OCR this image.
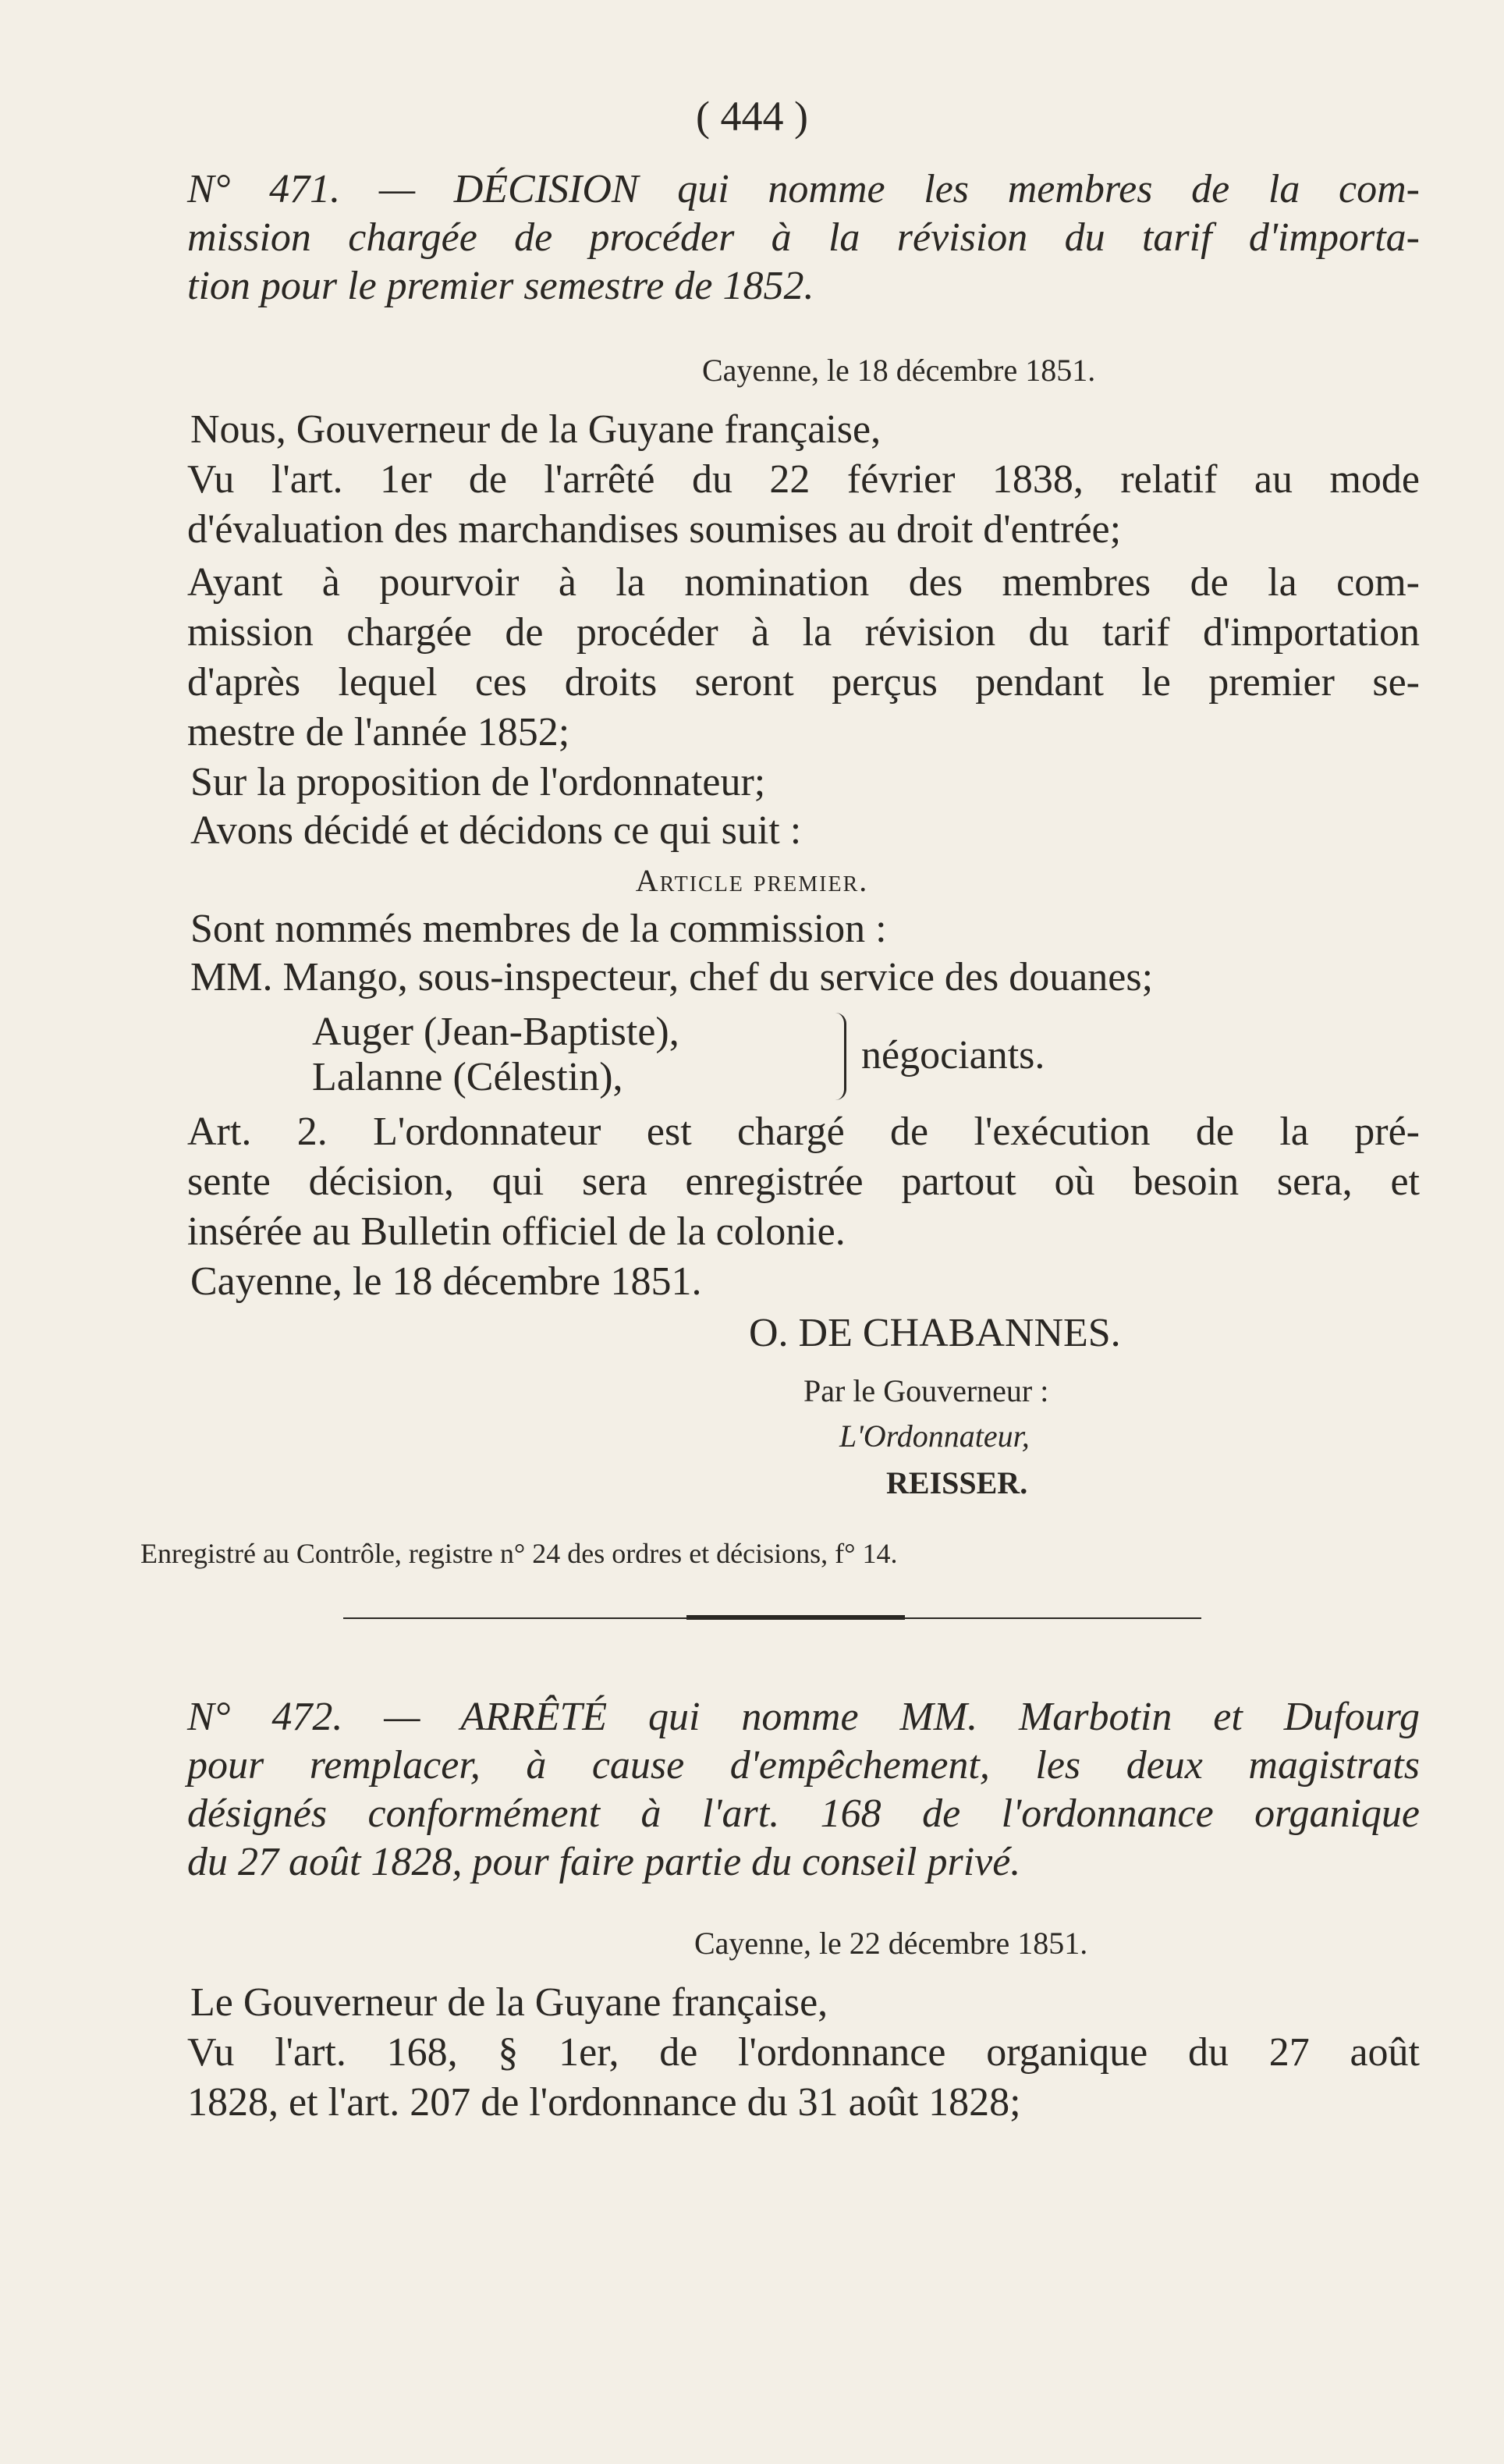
( 444 )
N° 471. — DÉCISION qui nomme les membres de la com-
mission chargée de procéder à la révision du tarif d'importa-
tion pour le premier semestre de 1852.
Cayenne, le 18 décembre 1851.
Nous, Gouverneur de la Guyane française,
Vu l'art. 1er de l'arrêté du 22 février 1838, relatif au mode
d'évaluation des marchandises soumises au droit d'entrée;
Ayant à pourvoir à la nomination des membres de la com-
mission chargée de procéder à la révision du tarif d'importation
d'après lequel ces droits seront perçus pendant le premier se-
mestre de l'année 1852;
Sur la proposition de l'ordonnateur;
Avons décidé et décidons ce qui suit :
Article premier.
Sont nommés membres de la commission :
MM. Mango, sous-inspecteur, chef du service des douanes;
Auger (Jean-Baptiste),
Lalanne (Célestin),	négociants.
Art. 2. L'ordonnateur est chargé de l'exécution de la pré-
sente décision, qui sera enregistrée partout où besoin sera, et
insérée au Bulletin officiel de la colonie.
Cayenne, le 18 décembre 1851.
O. DE CHABANNES.
Par le Gouverneur :
L'Ordonnateur,
REISSER.
Enregistré au Contrôle, registre n° 24 des ordres et décisions, f° 14.
N° 472. — ARRÊTÉ qui nomme MM. Marbotin et Dufourg
pour remplacer, à cause d'empêchement, les deux magistrats
désignés conformément à l'art. 168 de l'ordonnance organique
du 27 août 1828, pour faire partie du conseil privé.
Cayenne, le 22 décembre 1851.
Le Gouverneur de la Guyane française,
Vu l'art. 168, § 1er, de l'ordonnance organique du 27 août
1828, et l'art. 207 de l'ordonnance du 31 août 1828;
